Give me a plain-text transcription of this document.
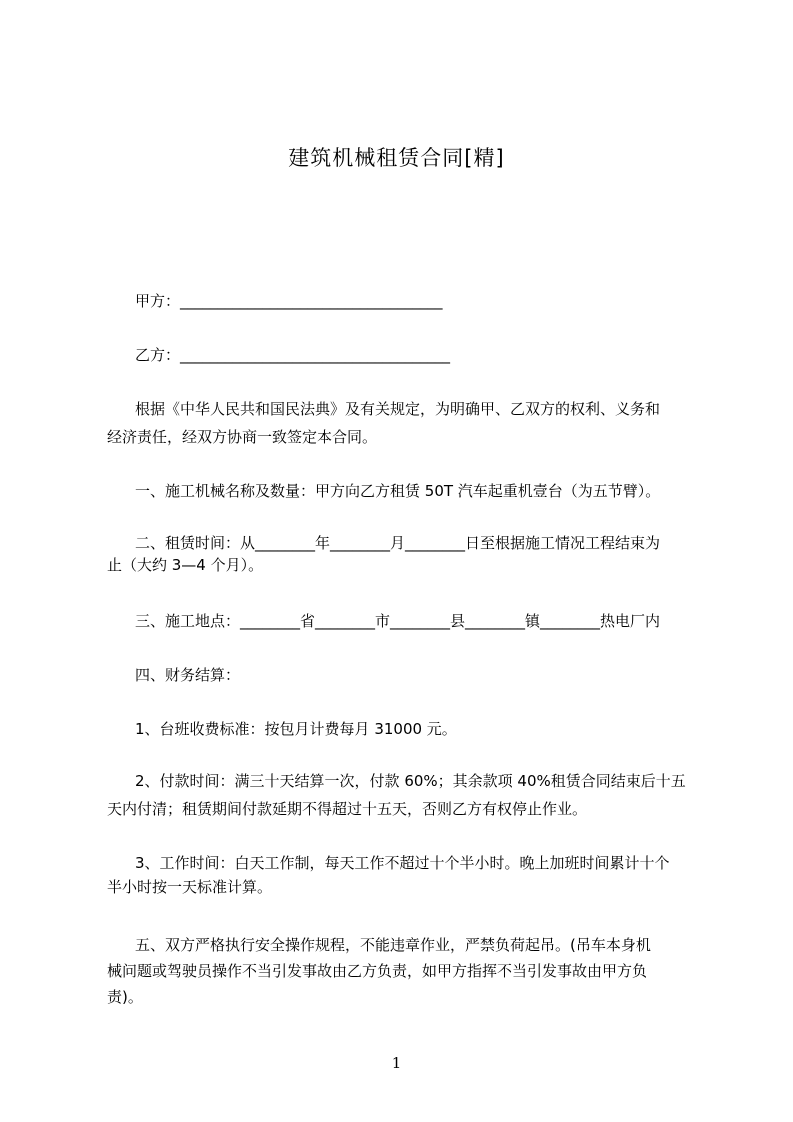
建筑机械租赁合同[精]

甲方：___________________________________

乙方：____________________________________

　根据《中华人民共和国民法典》及有关规定，为明确甲、乙双方的权利、义务和

经济责任，经双方协商一致签定本合同。

一、施工机械名称及数量：甲方向乙方租赁 50T 汽车起重机壹台（为五节臂）。

二、租赁时间：从________年________月________日至根据施工情况工程结束为

止（大约 3—4 个月）。

三、施工地点：________省________市________县________镇________热电厂内

四、财务结算：

1、台班收费标准：按包月计费每月 31000 元。

2、付款时间：满三十天结算一次，付款 60%；其余款项 40%租赁合同结束后十五

天内付清；租赁期间付款延期不得超过十五天，否则乙方有权停止作业。

　3、工作时间：白天工作制，每天工作不超过十个半小时。晚上加班时间累计十个

半小时按一天标准计算。

　五、双方严格执行安全操作规程，不能违章作业，严禁负荷起吊。(吊车本身机

械问题或驾驶员操作不当引发事故由乙方负责，如甲方指挥不当引发事故由甲方负

责)。

1
